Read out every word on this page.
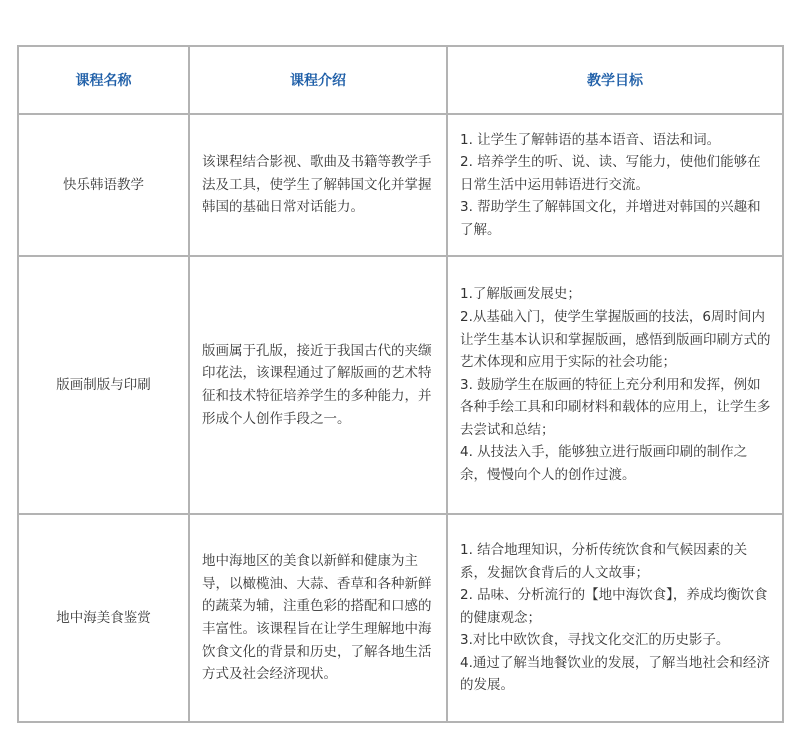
课程名称	课程介绍	教学目标
快乐韩语教学	该课程结合影视、歌曲及书籍等教学手法及工具，使学生了解韩国文化并掌握韩国的基础日常对话能力。	1. 让学生了解韩语的基本语音、语法和词。

2. 培养学生的听、说、读、写能力，使他们能够在日常生活中运用韩语进行交流。

3. 帮助学生了解韩国文化，并增进对韩国的兴趣和了解。

版画制版与印刷	版画属于孔版，接近于我国古代的夹缬印花法，该课程通过了解版画的艺术特征和技术特征培养学生的多种能力，并形成个人创作手段之一。	1.了解版画发展史；

2.从基础入门，使学生掌握版画的技法，6周时间内让学生基本认识和掌握版画，感悟到版画印刷方式的艺术体现和应用于实际的社会功能；

3. 鼓励学生在版画的特征上充分利用和发挥，例如各种手绘工具和印刷材料和载体的应用上，让学生多去尝试和总结；

4. 从技法入手，能够独立进行版画印刷的制作之余，慢慢向个人的创作过渡。

地中海美食鉴赏	地中海地区的美食以新鲜和健康为主导，以橄榄油、大蒜、香草和各种新鲜的蔬菜为辅，注重色彩的搭配和口感的丰富性。该课程旨在让学生理解地中海饮食文化的背景和历史，了解各地生活方式及社会经济现状。	1. 结合地理知识，分析传统饮食和气候因素的关系，发掘饮食背后的人文故事；

2. 品味、分析流行的【地中海饮食】，养成均衡饮食的健康观念；

3.对比中欧饮食，寻找文化交汇的历史影子。

4.通过了解当地餐饮业的发展，了解当地社会和经济的发展。
